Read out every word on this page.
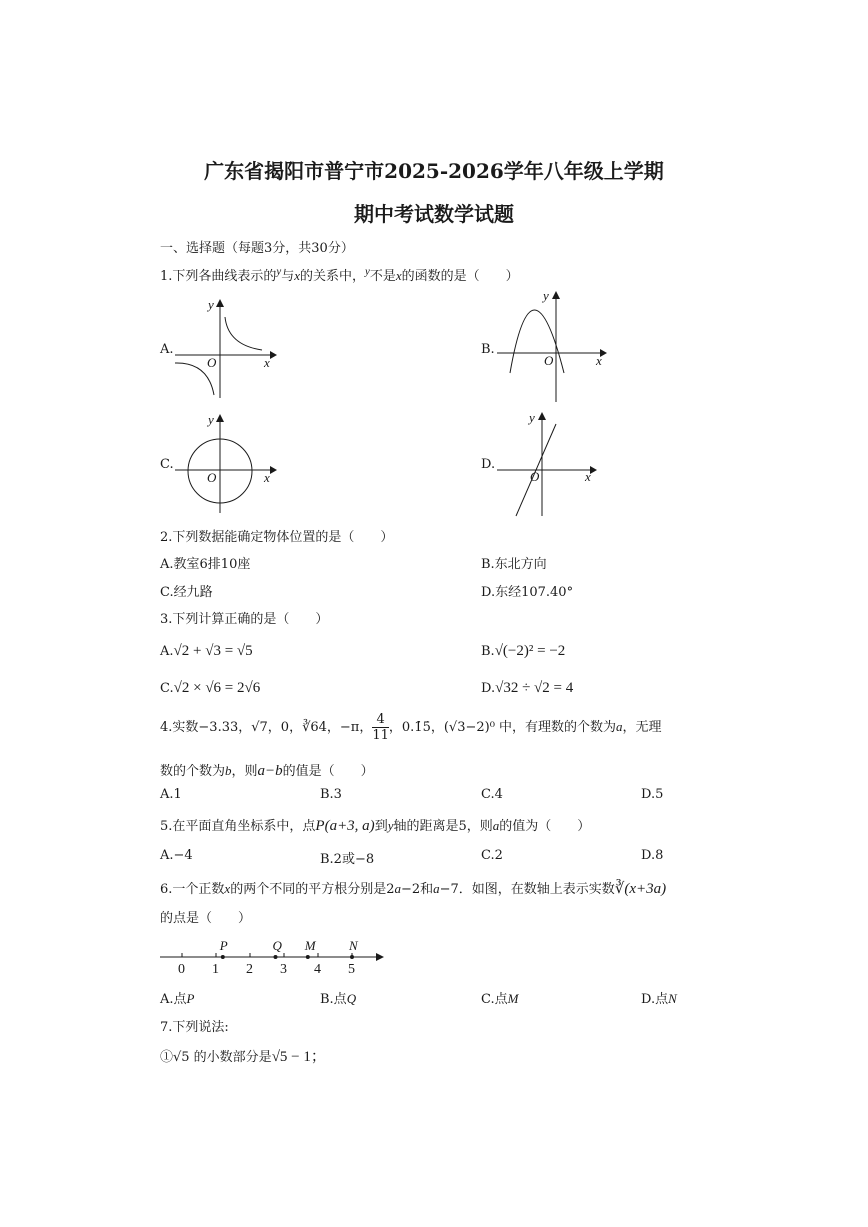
广东省揭阳市普宁市2025-2026学年八年级上学期
期中考试数学试题
一、选择题（每题3分，共30分）
1.下列各曲线表示的$^y$与x的关系中，$^y$不是x的函数的是（　　）
A.
y
x
O
B.
y
x
O
C.
y
x
O
D.
y
x
O
2.下列数据能确定物体位置的是（　　）
A.教室6排10座	B.东北方向
C.经九路	D.东经107.40°
3.下列计算正确的是（　　）
A.√2 + √3 = √5	B.√(−2)² = −2
C.√2 × √6 = 2√6	D.√32 ÷ √2 = 4
4.实数−3.33，√7，0，∛64，−π， $\frac{4}{11}$ ，0.1̇5̇，(√3−2)⁰ 中，有理数的个数为a，无理
数的个数为b，则a−b的值是（　　）
A.1	B.3	C.4	D.5
5.在平面直角坐标系中，点P(a+3, a)到y轴的距离是5，则a的值为（　　）
A.−4	B.2或−8	C.2	D.8
6.一个正数x的两个不同的平方根分别是2a−2和a−7．如图，在数轴上表示实数∛(x+3a)
的点是（　　）
0 1 2 3 4 5
P	Q M	N
A.点P	B.点Q	C.点M	D.点N
7.下列说法:
①√5 的小数部分是√5 − 1；
